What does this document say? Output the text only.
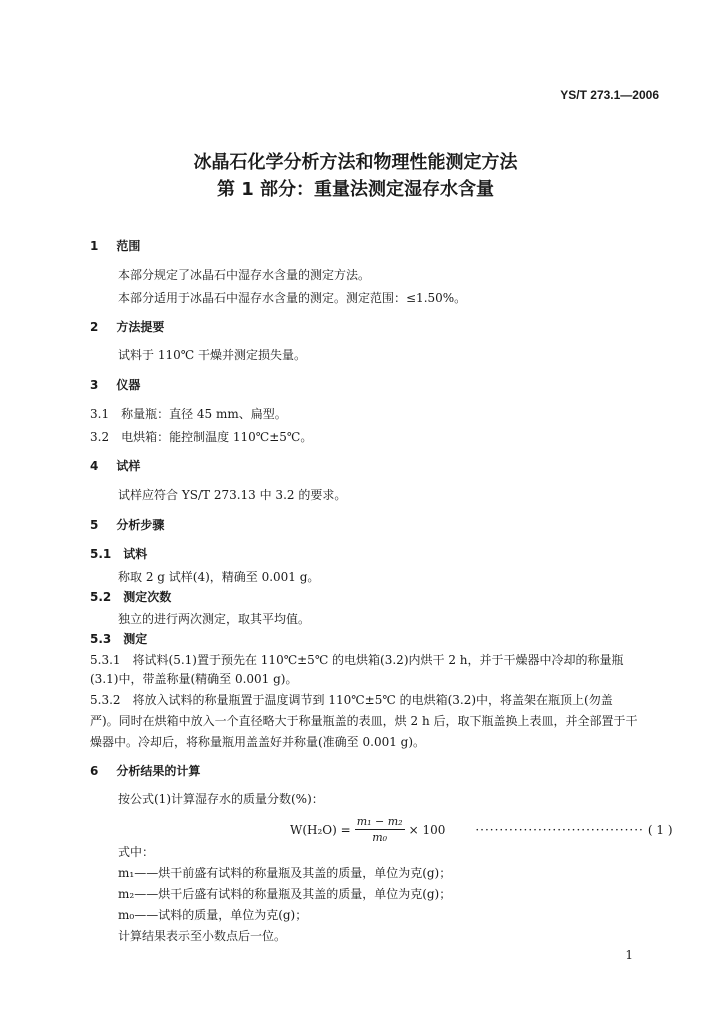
YS/T 273.1—2006
冰晶石化学分析方法和物理性能测定方法
第 1 部分：重量法测定湿存水含量
1 范围
本部分规定了冰晶石中湿存水含量的测定方法。
本部分适用于冰晶石中湿存水含量的测定。测定范围：≤1.50%。
2 方法提要
试料于 110℃ 干燥并测定损失量。
3 仪器
3.1　称量瓶：直径 45 mm、扁型。
3.2　电烘箱：能控制温度 110℃±5℃。
4 试样
试样应符合 YS/T 273.13 中 3.2 的要求。
5 分析步骤
5.1 试料
称取 2 g 试样(4)，精确至 0.001 g。
5.2 测定次数
独立的进行两次测定，取其平均值。
5.3 测定
5.3.1　将试料(5.1)置于预先在 110℃±5℃ 的电烘箱(3.2)内烘干 2 h，并于干燥器中冷却的称量瓶
(3.1)中，带盖称量(精确至 0.001 g)。
5.3.2　将放入试料的称量瓶置于温度调节到 110℃±5℃ 的电烘箱(3.2)中，将盖架在瓶顶上(勿盖
严)。同时在烘箱中放入一个直径略大于称量瓶盖的表皿，烘 2 h 后，取下瓶盖换上表皿，并全部置于干
燥器中。冷却后，将称量瓶用盖盖好并称量(准确至 0.001 g)。
6 分析结果的计算
按公式(1)计算湿存水的质量分数(%)：
$W(H_2O) = \frac{\text{m₁ − m₂}}{\text{m₀}} \times 100$	··································· ( 1 )
式中：
m₁——烘干前盛有试料的称量瓶及其盖的质量，单位为克(g)；
m₂——烘干后盛有试料的称量瓶及其盖的质量，单位为克(g)；
m₀——试料的质量，单位为克(g)；
计算结果表示至小数点后一位。
1
